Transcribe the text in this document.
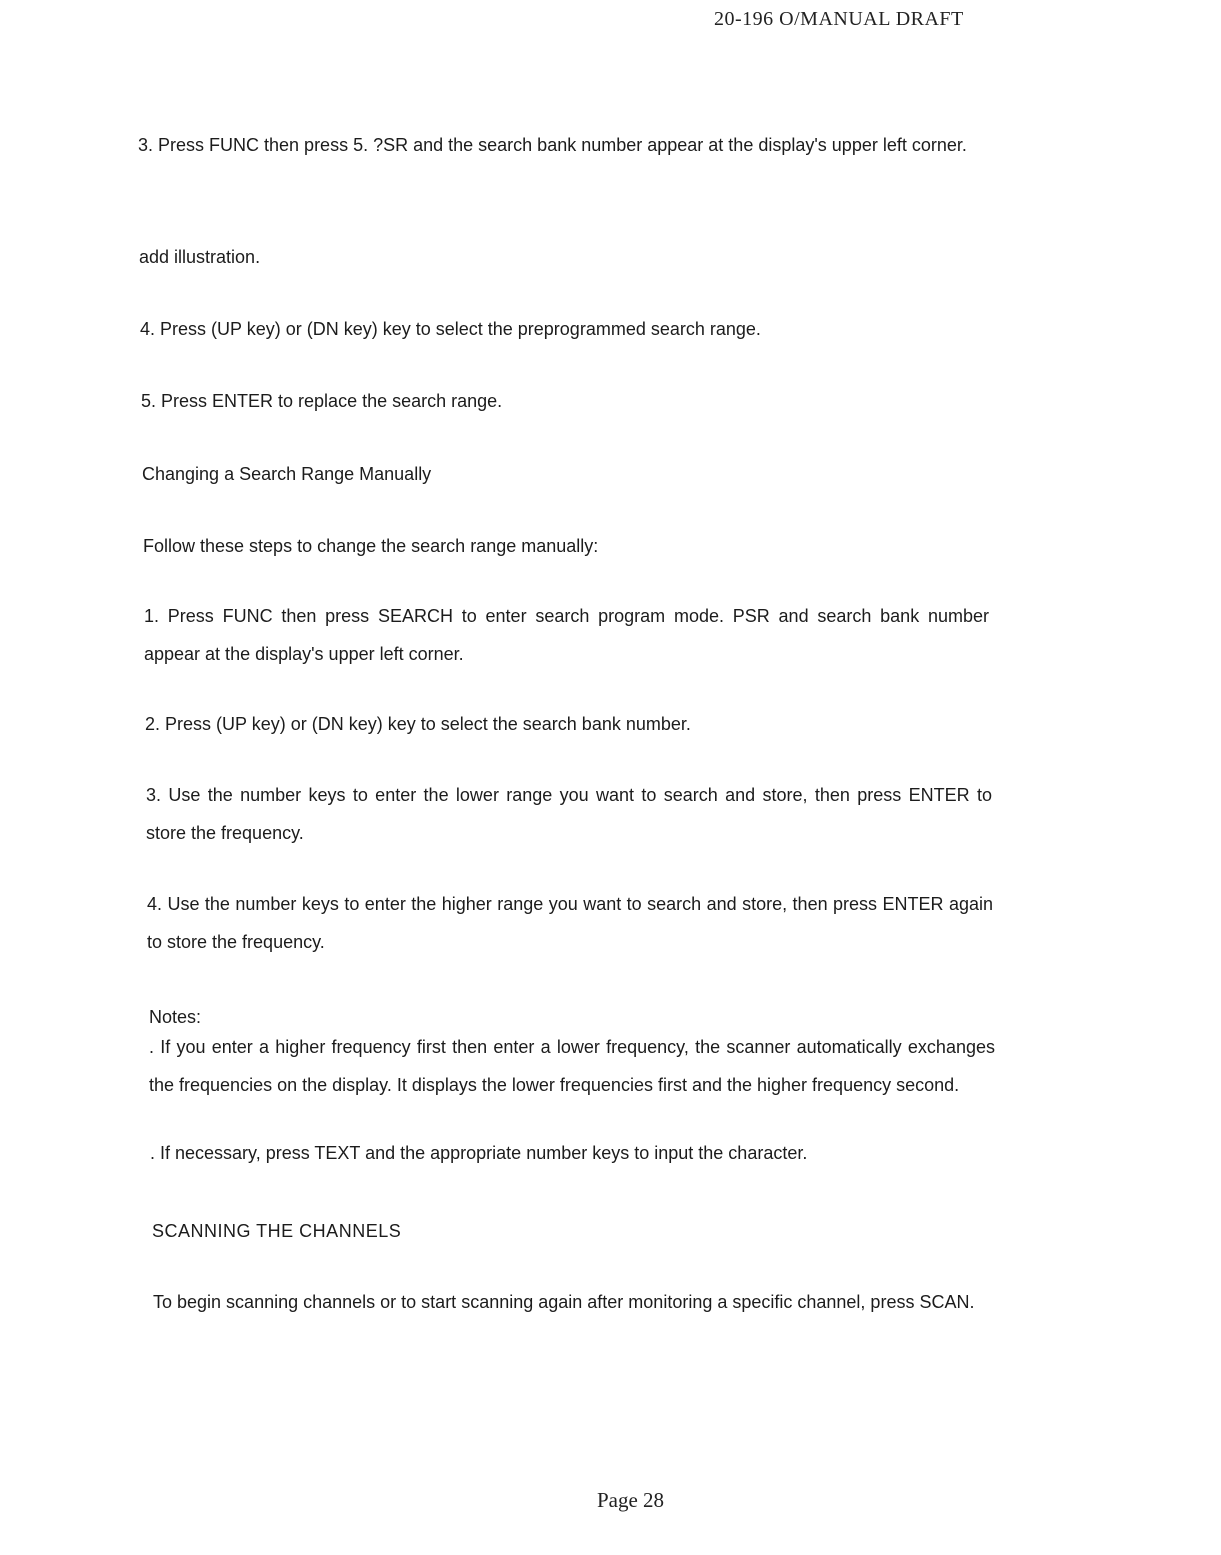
20-196 O/MANUAL DRAFT

3. Press FUNC then press 5. ?SR and the search bank number appear at the display's upper left corner.

add illustration.

4. Press (UP key) or (DN key) key to select the preprogrammed search range.

5. Press ENTER to replace the search range.

Changing a Search Range Manually

Follow these steps to change the search range manually:

1. Press FUNC then press SEARCH to enter search program mode. PSR and search bank number appear at the display's upper left corner.

2. Press (UP key) or (DN key) key to select the search bank number.

3. Use the number keys to enter the lower range you want to search and store, then press ENTER to store the frequency.

4. Use the number keys to enter the higher range you want to search and store, then press ENTER again to store the frequency.

Notes:

. If you enter a higher frequency first then enter a lower frequency, the scanner automatically exchanges the frequencies on the display. It displays the lower frequencies first and the higher frequency second.

. If necessary, press TEXT and the appropriate number keys to input the character.

SCANNING THE CHANNELS

To begin scanning channels or to start scanning again after monitoring a specific channel, press SCAN.

Page 28
